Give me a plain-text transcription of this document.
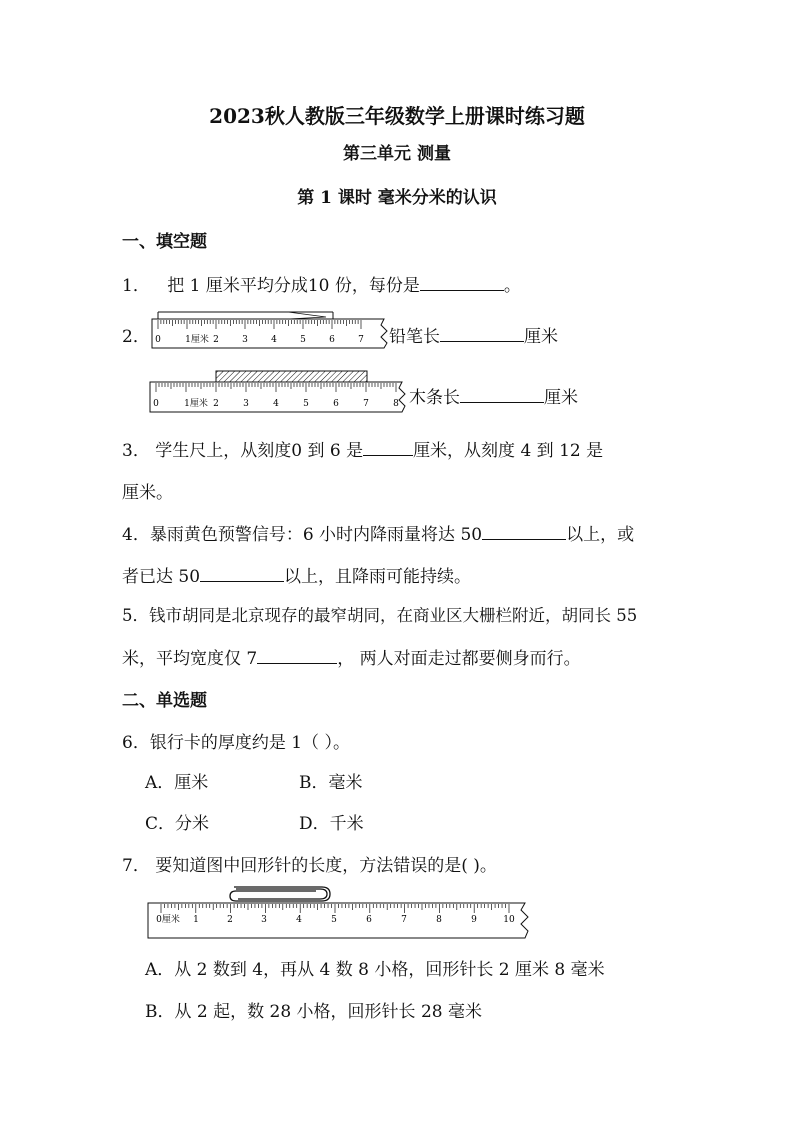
2023秋人教版三年级数学上册课时练习题
第三单元 测量
第 1 课时 毫米分米的认识
一、填空题
1． 把 1 厘米平均分成10 份，每份是	。
2． 0	1厘米 2	3	4	5	6	7 铅笔长	厘米
0	1厘米 2	3	4	5	6	7	8 木条长	厘米
3． 学生尺上，从刻度0 到 6 是	厘米，从刻度 4 到 12 是
厘米。
4．暴雨黄色预警信号：6 小时内降雨量将达 50	以上，或
者已达 50	以上，且降雨可能持续。
5．钱市胡同是北京现存的最窄胡同，在商业区大栅栏附近，胡同长 55
米，平均宽度仅 7	， 两人对面走过都要侧身而行。
二、单选题
6．银行卡的厚度约是 1（ ）。
A．厘米	B．毫米
C．分米	D．千米
7． 要知道图中回形针的长度，方法错误的是( )。
0厘米 1	2	3	4	5	6	7	8	9	10
A．从 2 数到 4，再从 4 数 8 小格，回形针长 2 厘米 8 毫米
B．从 2 起，数 28 小格，回形针长 28 毫米
